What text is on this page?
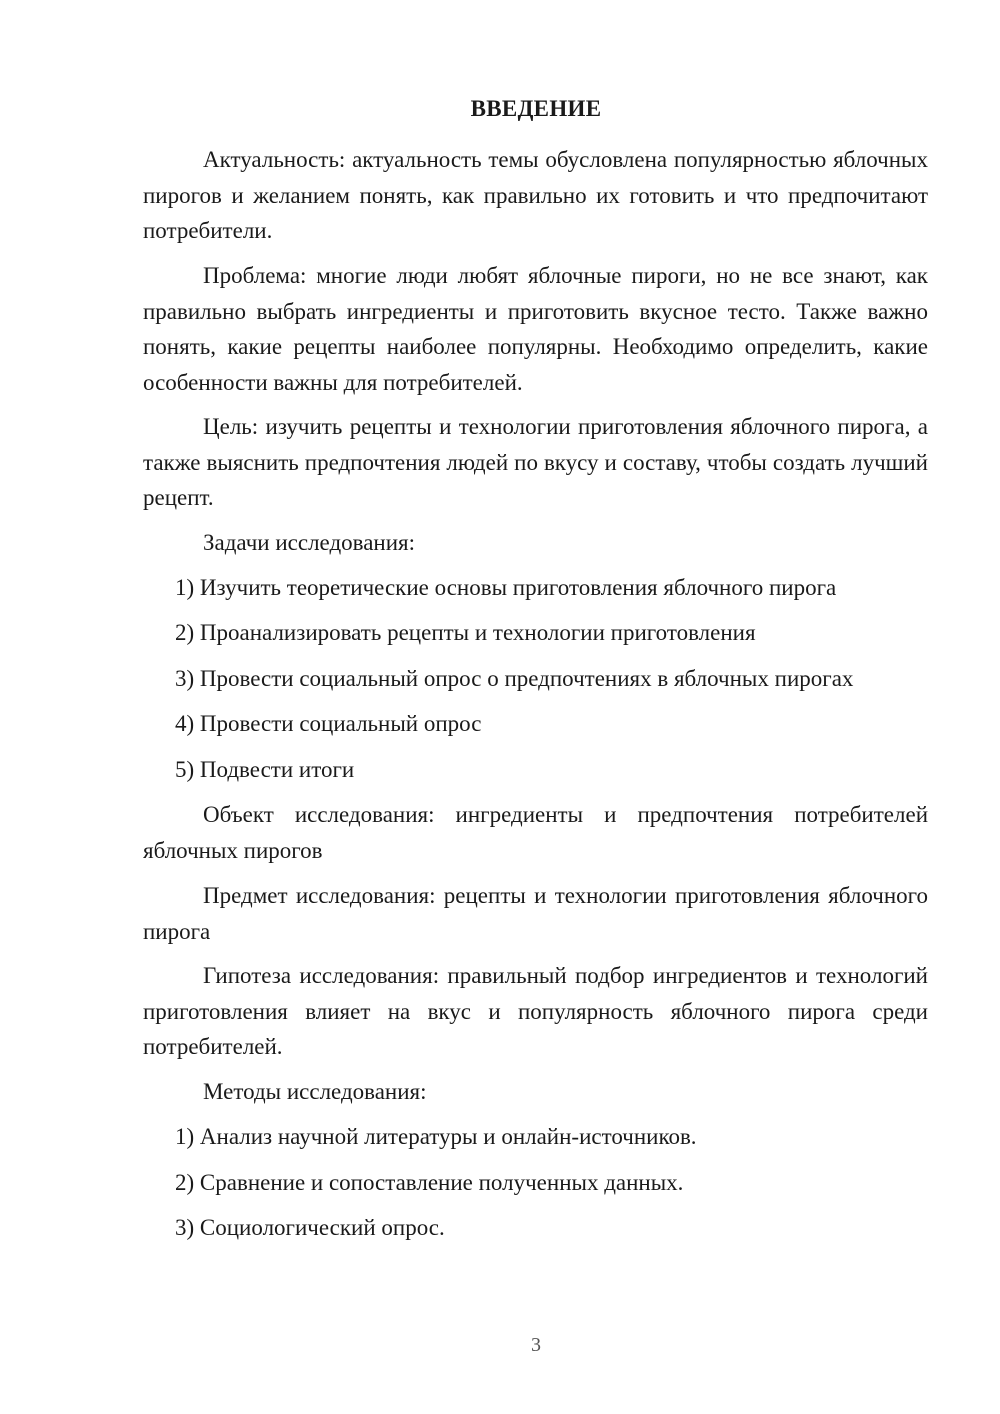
ВВЕДЕНИЕ

Актуальность: актуальность темы обусловлена популярностью яблочных пирогов и желанием понять, как правильно их готовить и что предпочитают потребители.

Проблема: многие люди любят яблочные пироги, но не все знают, как правильно выбрать ингредиенты и приготовить вкусное тесто. Также важно понять, какие рецепты наиболее популярны. Необходимо определить, какие особенности важны для потребителей.

Цель: изучить рецепты и технологии приготовления яблочного пирога, а также выяснить предпочтения людей по вкусу и составу, чтобы создать лучший рецепт.

Задачи исследования:

1) Изучить теоретические основы приготовления яблочного пирога

2) Проанализировать рецепты и технологии приготовления

3) Провести социальный опрос о предпочтениях в яблочных пирогах

4) Провести социальный опрос

5) Подвести итоги

Объект исследования: ингредиенты и предпочтения потребителей яблочных пирогов

Предмет исследования: рецепты и технологии приготовления яблочного пирога

Гипотеза исследования: правильный подбор ингредиентов и технологий приготовления влияет на вкус и популярность яблочного пирога среди потребителей.

Методы исследования:

1) Анализ научной литературы и онлайн-источников.

2) Сравнение и сопоставление полученных данных.

3) Социологический опрос.

3
